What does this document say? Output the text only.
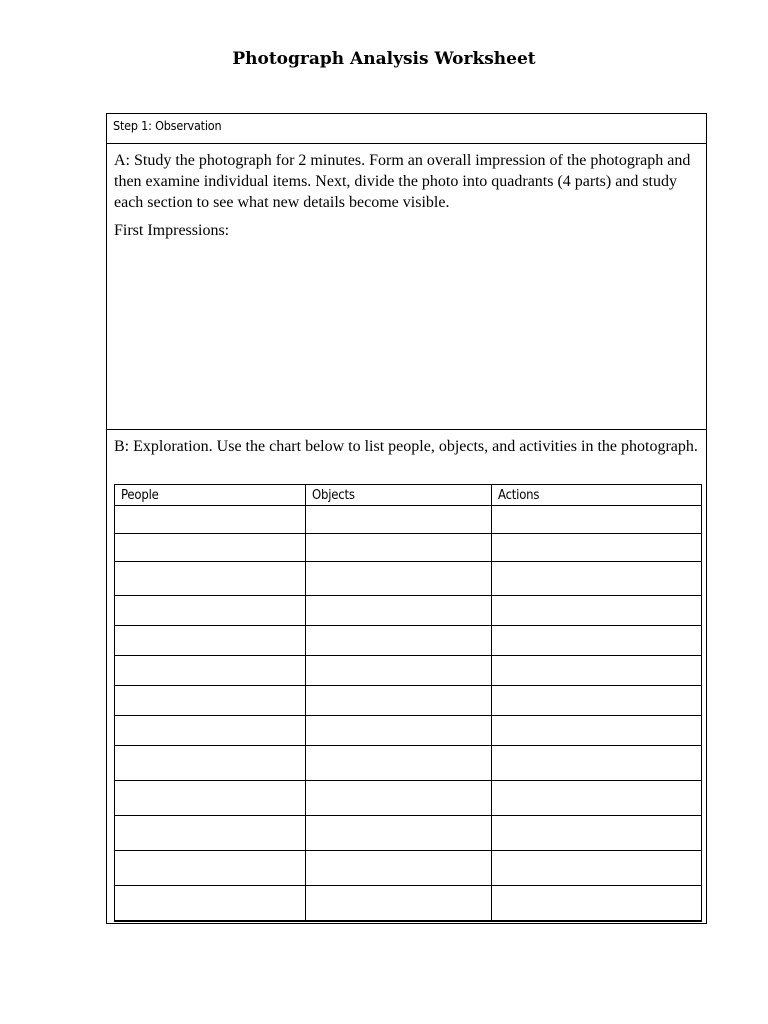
Photograph Analysis Worksheet
Step 1: Observation

A: Study the photograph for 2 minutes. Form an overall impression of the photograph and then examine individual items. Next, divide the photo into quadrants (4 parts) and study each section to see what new details become visible.

First Impressions:

B: Exploration. Use the chart below to list people, objects, and activities in the photograph.

People	Objects	Actions
